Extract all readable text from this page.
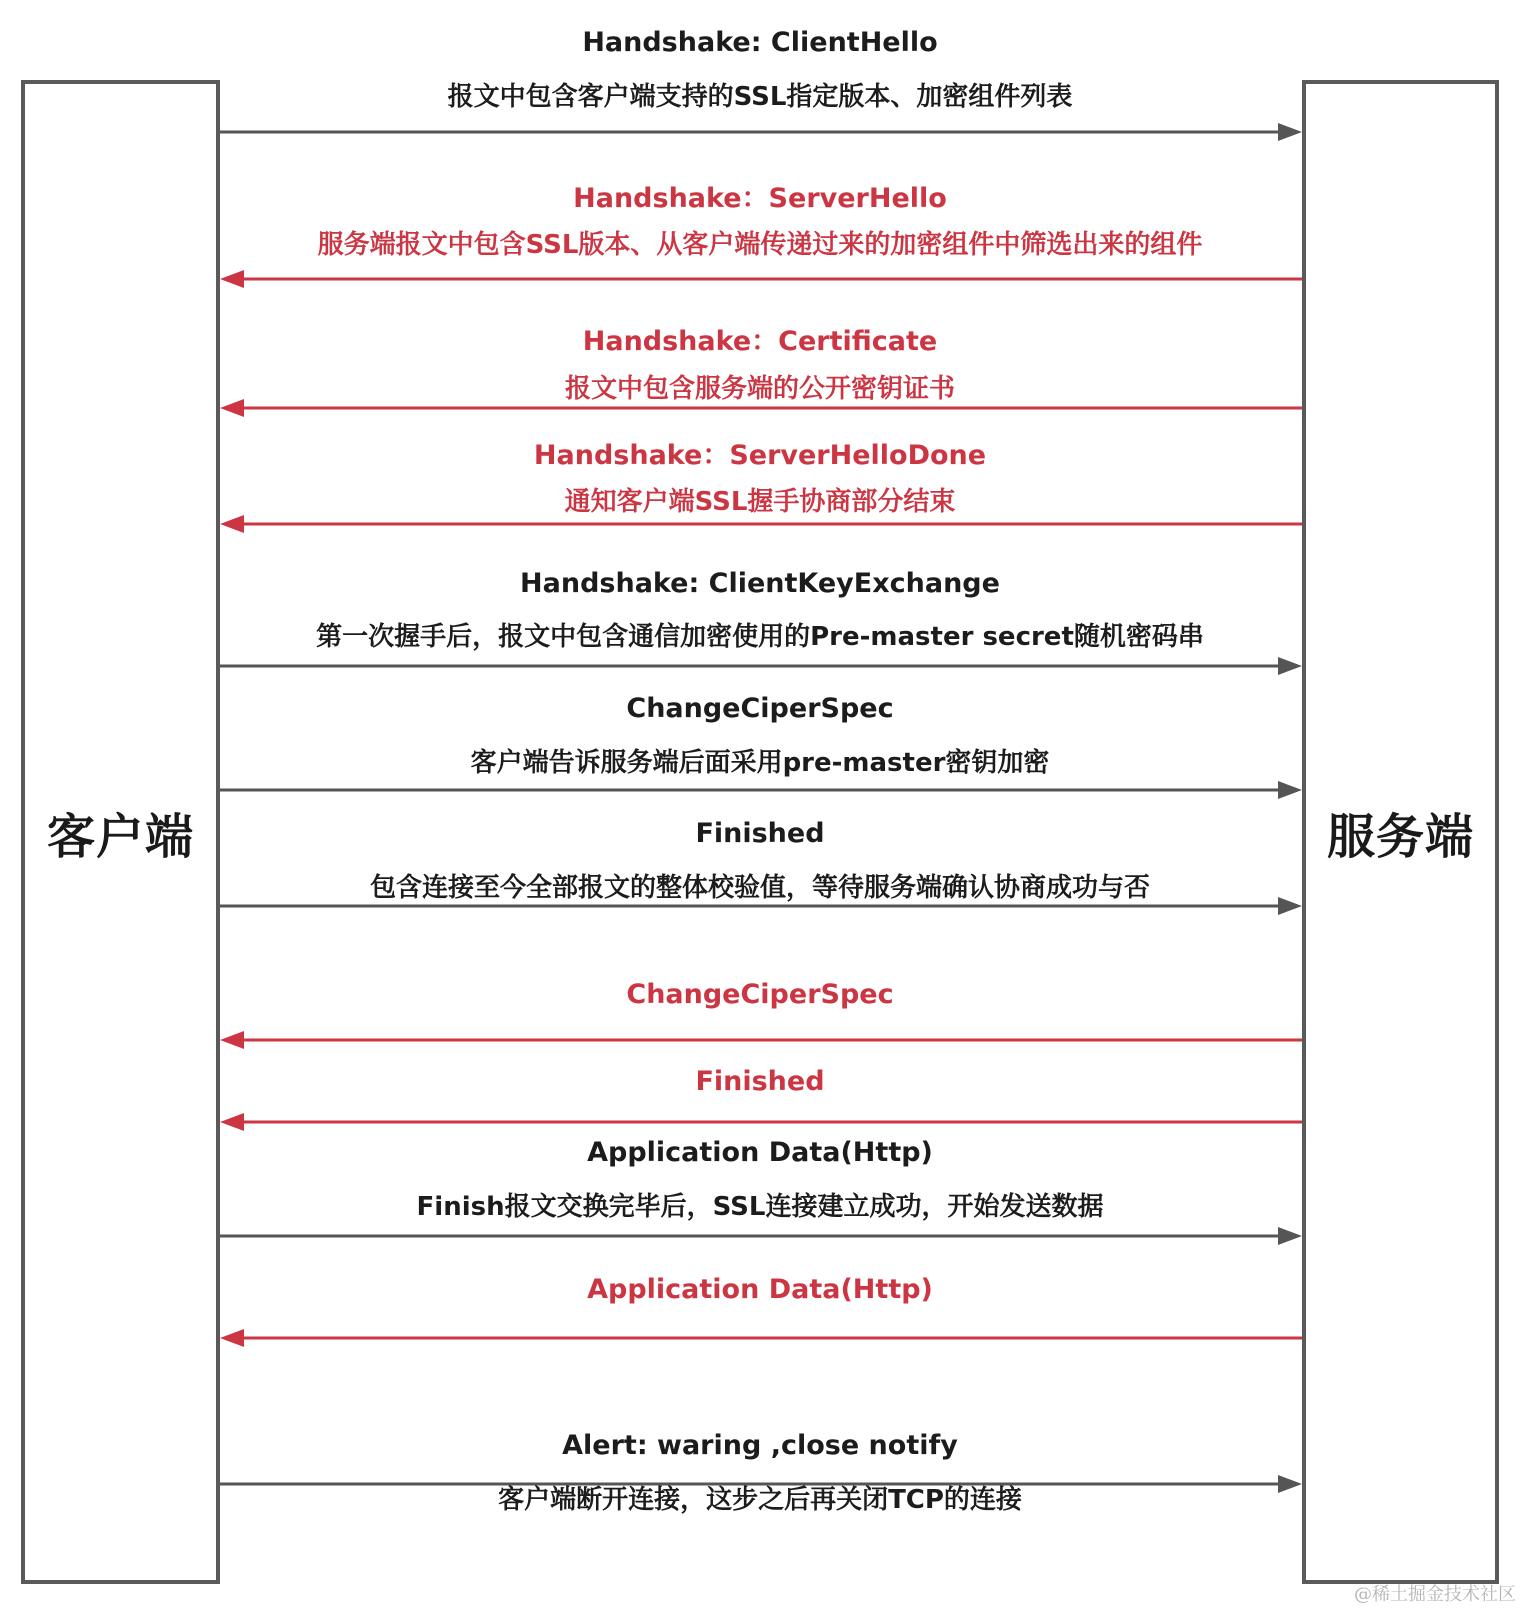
客户端	服务端
Handshake: ClientHello
报文中包含客户端支持的SSL指定版本、加密组件列表
Handshake：ServerHello
服务端报文中包含SSL版本、从客户端传递过来的加密组件中筛选出来的组件
Handshake：Certificate
报文中包含服务端的公开密钥证书
Handshake：ServerHelloDone
通知客户端SSL握手协商部分结束
Handshake: ClientKeyExchange
第一次握手后，报文中包含通信加密使用的Pre-master secret随机密码串
ChangeCiperSpec
客户端告诉服务端后面采用pre-master密钥加密
Finished
包含连接至今全部报文的整体校验值，等待服务端确认协商成功与否
ChangeCiperSpec
Finished
Application Data(Http)
Finish报文交换完毕后，SSL连接建立成功，开始发送数据
Application Data(Http)
Alert: waring ,close notify
客户端断开连接，这步之后再关闭TCP的连接
@稀土掘金技术社区
